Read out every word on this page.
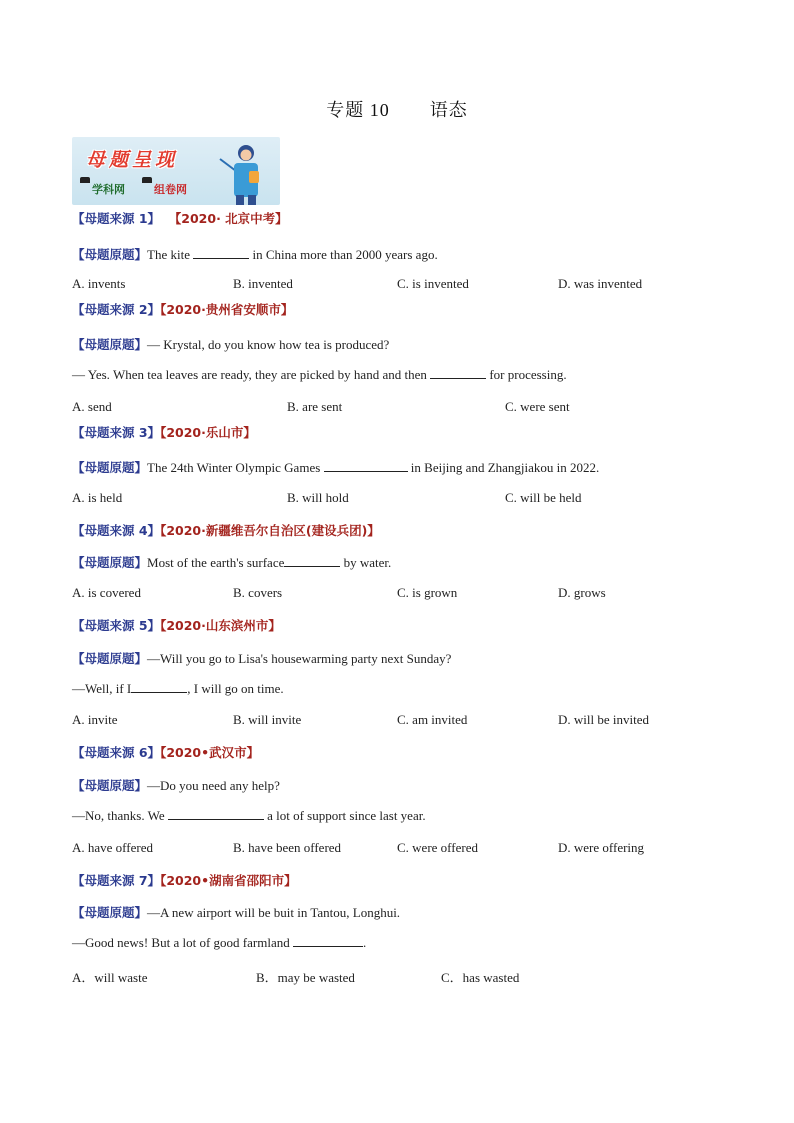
专题 10 语态
母题呈现
学科网	组卷网
【母题来源 1】 【2020· 北京中考】
【母题原题】The kite	in China more than 2000 years ago.
A. invents	B. invented	C. is invented	D. was invented
【母题来源 2】【2020·贵州省安顺市】
【母题原题】— Krystal, do you know how tea is produced?
— Yes. When tea leaves are ready, they are picked by hand and then	for processing.
A. send	B. are sent	C. were sent
【母题来源 3】【2020·乐山市】
【母题原题】The 24th Winter Olympic Games	in Beijing and Zhangjiakou in 2022.
A. is held	B. will hold	C. will be held
【母题来源 4】【2020·新疆维吾尔自治区(建设兵团)】
【母题原题】Most of the earth's surface	by water.
A. is covered	B. covers	C. is grown	D. grows
【母题来源 5】【2020·山东滨州市】
【母题原题】—Will you go to Lisa's housewarming party next Sunday?
—Well, if I	, I will go on time.
A. invite	B. will invite	C. am invited	D. will be invited
【母题来源 6】【2020•武汉市】
【母题原题】—Do you need any help?
—No, thanks. We	a lot of support since last year.
A. have offered	B. have been offered	C. were offered	D. were offering
【母题来源 7】【2020•湖南省邵阳市】
【母题原题】—A new airport will be buit in Tantou, Longhui.
—Good news! But a lot of good farmland	.
A．will waste	B．may be wasted	C．has wasted
